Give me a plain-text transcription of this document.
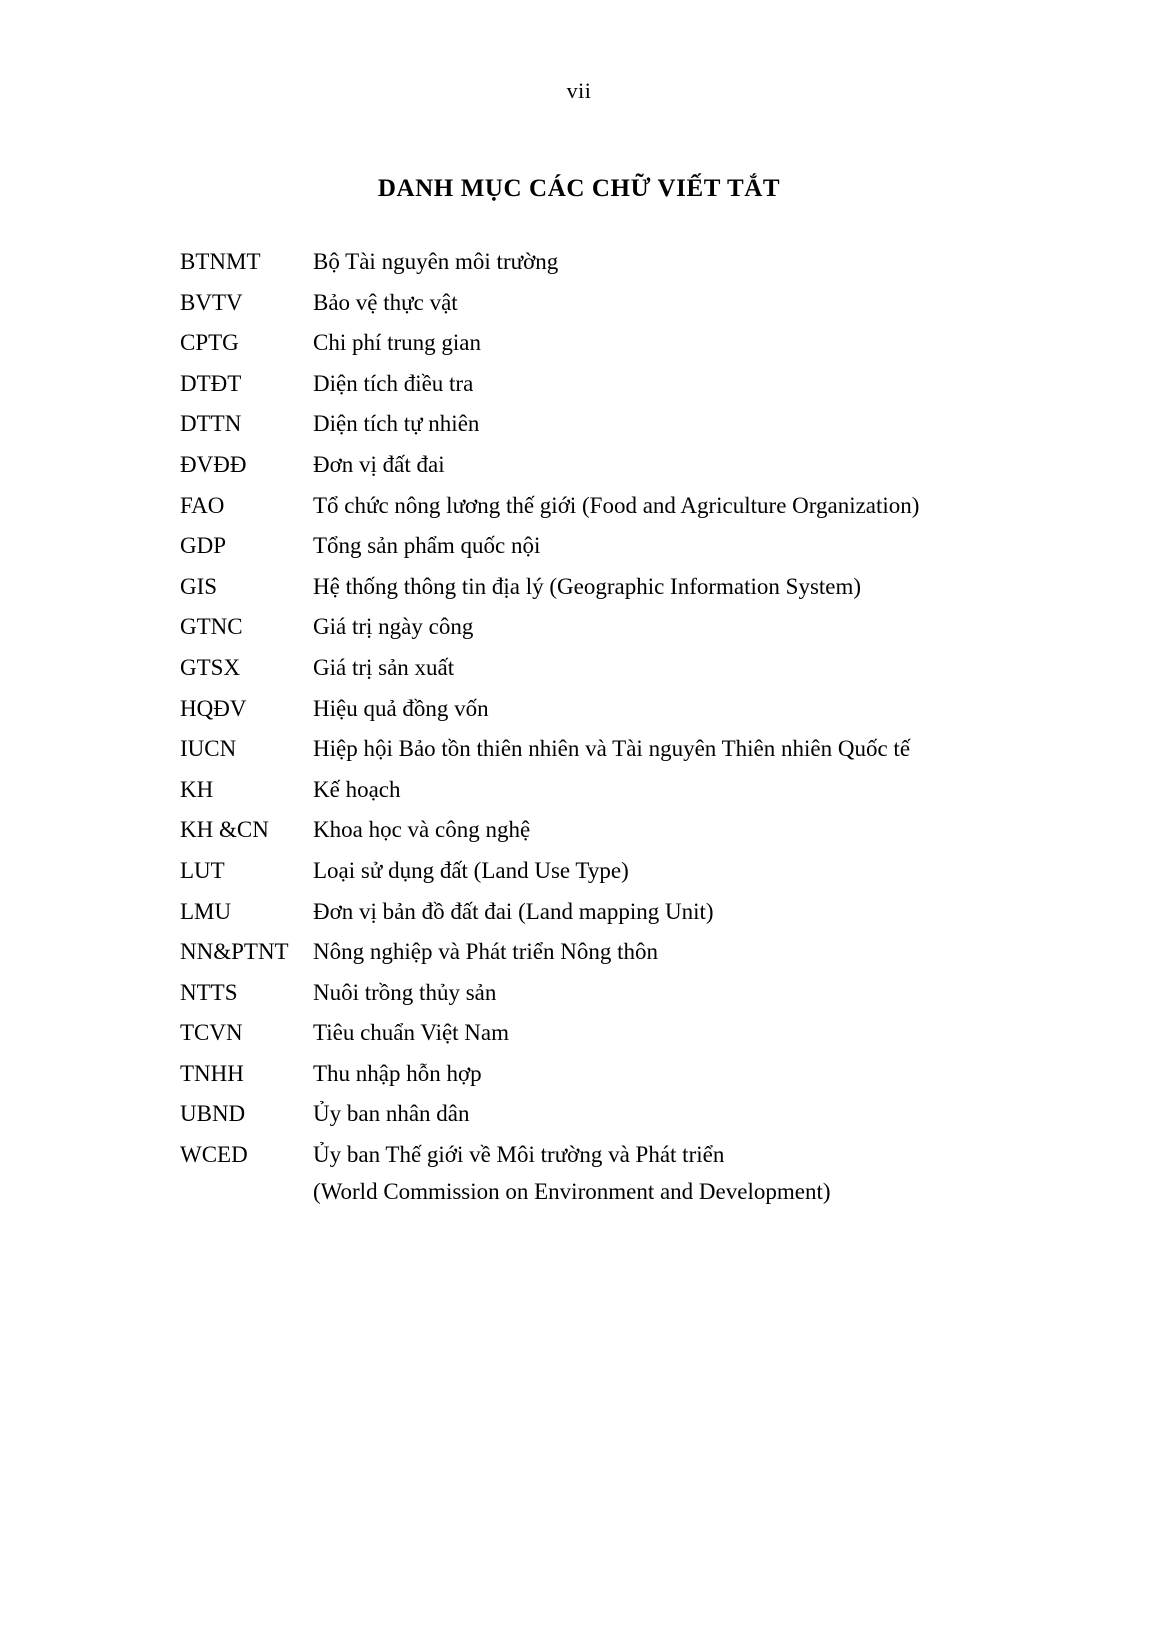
vii
DANH MỤC CÁC CHỮ VIẾT TẮT
BTNMT	Bộ Tài nguyên môi trường
BVTV	Bảo vệ thực vật
CPTG	Chi phí trung gian
DTĐT	Diện tích điều tra
DTTN	Diện tích tự nhiên
ĐVĐĐ	Đơn vị đất đai
FAO	Tổ chức nông lương thế giới (Food and Agriculture Organization)
GDP	Tổng sản phẩm quốc nội
GIS	Hệ thống thông tin địa lý (Geographic Information System)
GTNC	Giá trị ngày công
GTSX	Giá trị sản xuất
HQĐV	Hiệu quả đồng vốn
IUCN	Hiệp hội Bảo tồn thiên nhiên và Tài nguyên Thiên nhiên Quốc tế
KH	Kế hoạch
KH &CN	Khoa học và công nghệ
LUT	Loại sử dụng đất (Land Use Type)
LMU	Đơn vị bản đồ đất đai (Land mapping Unit)
NN&PTNT	Nông nghiệp và Phát triển Nông thôn
NTTS	Nuôi trồng thủy sản
TCVN	Tiêu chuẩn Việt Nam
TNHH	Thu nhập hỗn hợp
UBND	Ủy ban nhân dân
WCED	Ủy ban Thế giới về Môi trường và Phát triển
(World Commission on Environment and Development)
